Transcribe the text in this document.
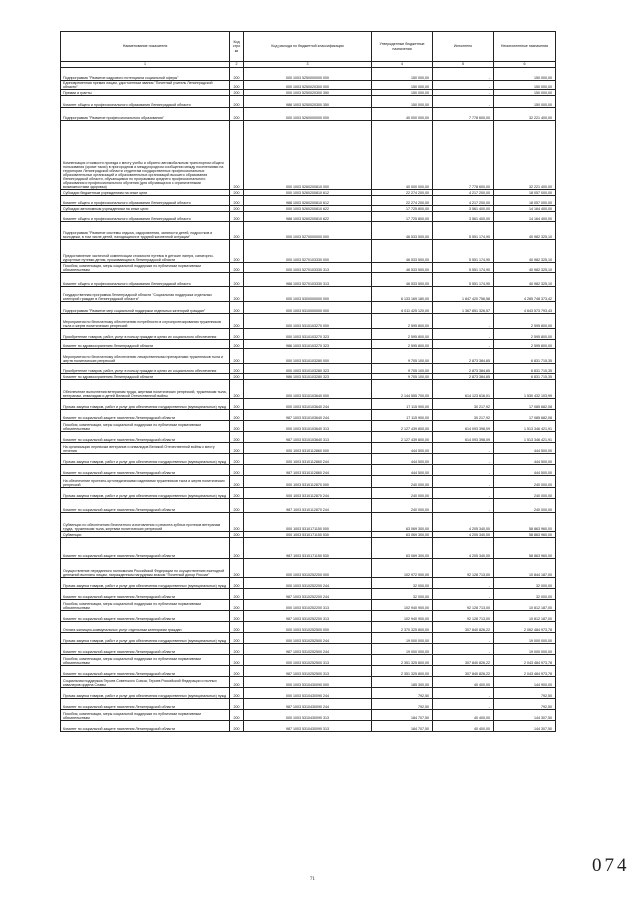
Наименование показателя	Код стро ки	Код расхода по бюджетной классификации	Утвержденные бюджетные назначения	Исполнено	Неисполненные назначения
1	2	3	4	5	6
Подпрограмма "Развитие кадрового потенциала социальной сферы"	200	000 1003 5250000000 000	150 000,00	-	150 000,00
Единовременная премия лицам, удостоенным звания "Почетный учитель Ленинградской области"	200	000 1003 5250020300 000	150 000,00	-	150 000,00
Премии и гранты	200	000 1003 5250020300 350	150 000,00	-	150 000,00
Комитет общего и профессионального образования Ленинградской области	200	988 1003 5250020300 350	150 000,00	-	150 000,00
Подпрограмма "Развитие профессионального образования"	200	000 1003 5260000000 000	40 000 000,00	7 778 600,00	32 221 400,00
Компенсация стоимости проезда к месту учебы и обратно автомобильным транспортом общего пользования (кроме такси) в пригородном и междугородном сообщении между поселениями на территории Ленинградской области студентам государственных профессиональных образовательных организаций и образовательных организаций высшего образования Ленинградской области, обучающимся по программам среднего профессионального образования и профессионального обучения (для обучающихся с ограниченными возможностями здоровья)	200	000 1003 5260200810 000	40 000 000,00	7 778 600,00	32 221 400,00
Субсидии бюджетным учреждениям на иные цели	200	000 1003 5260200810 612	22 274 200,00	4 217 200,00	18 057 000,00
Комитет общего и профессионального образования Ленинградской области	200	988 1003 5260200810 612	22 274 200,00	4 217 200,00	18 057 000,00
Субсидии автономным учреждениям на иные цели	200	000 1003 5260200810 622	17 725 800,00	3 561 400,00	14 164 400,00
Комитет общего и профессионального образования Ленинградской области	200	988 1003 5260200810 622	17 725 800,00	3 561 400,00	14 164 400,00
Подпрограмма "Развитие системы отдыха, оздоровления, занятости детей, подростков и молодежи, в том числе детей, находящихся в трудной жизненной ситуации"	200	000 1003 5270000000 000	46 533 500,00	5 551 174,90	40 982 325,10
Предоставление частичной компенсации стоимости путевок в детские лагеря, санаторно-курортные путевки детям, проживающим в Ленинградской области	200	000 1003 5270103330 000	46 533 500,00	5 551 174,90	40 982 325,10
Пособия, компенсации, меры социальной поддержки по публичным нормативным обязательствам	200	000 1003 5270103330 313	46 533 500,00	5 551 174,90	40 982 325,10
Комитет общего и профессионального образования Ленинградской области	200	988 1003 5270103330 313	46 533 500,00	5 551 174,90	40 982 325,10
Государственная программа Ленинградской области "Социальная поддержка отдельных категорий граждан в Ленинградской области"	200	000 1003 5300000000 000	6 133 169 180,00	1 847 420 756,58	4 285 748 373,42
Подпрограмма "Развитие мер социальной поддержки отдельных категорий граждан"	200	000 1003 5310000000 000	6 011 425 120,00	1 367 851 326,57	4 643 573 793,43
Мероприятия по бесплатному обеспечению потребности в слухопротезировании труженников тыла и жертв политических репрессий	200	000 1003 5310103270 000	2 595 800,00	-	2 595 800,00
Приобретение товаров, работ, услуг в пользу граждан в целях их социального обеспечения	200	000 1003 5310103270 323	2 595 800,00	-	2 595 800,00
Комитет по здравоохранению Ленинградской области	200	986 1003 5310103270 323	2 595 800,00	-	2 595 800,00
Мероприятия по бесплатному обеспечению лекарственными препаратами труженников тыла и жертв политических репрессий	200	000 1003 5310103280 000	9 705 100,00	2 873 384,65	6 831 715,35
Приобретение товаров, работ, услуг в пользу граждан в целях их социального обеспечения	200	000 1003 5310103280 323	9 705 100,00	2 873 384,65	6 831 715,35
Комитет по здравоохранению Ленинградской области	200	986 1003 5310103280 323	9 705 100,00	2 873 384,65	6 831 715,35
Обеспечение выполнения ветеранам труда, жертвам политических репрессий, труженикам тыла, ветеранам, инвалидам и детей Великой Отечественной войны	200	000 1003 5310103640 000	2 144 555 700,00	614 123 616,01	1 530 432 103,99
Прочая закупка товаров, работ и услуг для обеспечения государственных (муниципальных) нужд	200	000 1003 5310103640 244	17 115 900,00	30 217,92	17 085 682,08
Комитет по социальной защите населения Ленинградской области	200	987 1003 5310103640 244	17 115 900,00	30 217,92	17 085 682,08
Пособия, компенсации, меры социальной поддержки по публичным нормативным обязательствам	200	000 1003 5310103640 313	2 127 439 800,00	614 093 398,09	1 513 346 421,91
Комитет по социальной защите населения Ленинградской области	200	987 1003 5310103640 313	2 127 439 800,00	614 093 398,09	1 513 346 421,91
На организацию перевозки ветеранов и инвалидов Великой Отечественной войны к месту лечения	200	000 1003 5310112860 000	444 500,00	-	444 500,00
Прочая закупка товаров, работ и услуг для обеспечения государственных (муниципальных) нужд	200	000 1003 5310112860 244	444 500,00	-	444 500,00
Комитет по социальной защите населения Ленинградской области	200	987 1003 5310112860 244	444 500,00	-	444 500,00
На обеспечение протезно-ортопедическими изделиями труженников тыла и жертв политических репрессий	200	000 1003 5310112870 000	240 000,00	-	240 000,00
Прочая закупка товаров, работ и услуг для обеспечения государственных (муниципальных) нужд	200	000 1003 5310112870 244	240 000,00	-	240 000,00
Комитет по социальной защите населения Ленинградской области	200	987 1003 5310112870 244	240 000,00	-	240 000,00
Субвенции по обеспечению бесплатного изготовления и ремонта зубных протезов ветеранам труда, труженикам тыла, жертвам политических репрессий	200	000 1003 5310171150 000	63 069 300,00	4 205 340,00	58 863 960,00
Субвенции	200	000 1003 5310171150 530	63 069 300,00	4 205 340,00	58 863 960,00
Комитет по социальной защите населения Ленинградской области	200	987 1003 5310171150 530	63 069 300,00	4 205 340,00	58 863 960,00
Осуществление переданного полномочия Российской Федерации по осуществлению ежегодной денежной выплаты лицам, награжденным нагрудным знаком "Почетный донор России"	200	000 1003 5310252200 000	102 972 900,00	92 128 713,00	10 844 187,00
Прочая закупка товаров, работ и услуг для обеспечения государственных (муниципальных) нужд	200	000 1003 5310252200 244	32 000,00	-	32 000,00
Комитет по социальной защите населения Ленинградской области	200	987 1003 5310252200 244	32 000,00	-	32 000,00
Пособия, компенсации, меры социальной поддержки по публичным нормативным обязательствам	200	000 1003 5310252200 313	102 940 900,00	92 128 713,00	10 812 187,00
Комитет по социальной защите населения Ленинградской области	200	987 1003 5310252200 313	102 940 900,00	92 128 713,00	10 812 187,00
Оплата жилищно-коммунальных услуг отдельным категориям граждан	200	000 1003 5310252500 000	2 370 325 800,00	307 840 826,22	2 062 484 973,78
Прочая закупка товаров, работ и услуг для обеспечения государственных (муниципальных) нужд	200	000 1003 5310252500 244	19 000 000,00	-	19 000 000,00
Комитет по социальной защите населения Ленинградской области	200	987 1003 5310252500 244	19 000 000,00	-	19 000 000,00
Пособия, компенсации, меры социальной поддержки по публичным нормативным обязательствам	200	000 1003 5310252500 313	2 351 325 800,00	307 840 826,22	2 043 484 973,78
Комитет по социальной защите населения Ленинградской области	200	987 1003 5310252500 313	2 351 325 800,00	307 840 826,22	2 043 484 973,78
Социальная поддержка Героев Советского Союза, Героев Российской Федерации и полных кавалеров ордена Славы	200	000 1003 5310430090 000	185 300,00	40 400,00	144 900,00
Прочая закупка товаров, работ и услуг для обеспечения государственных (муниципальных) нужд	200	000 1003 5310430090 244	792,50	-	792,50
Комитет по социальной защите населения Ленинградской области	200	987 1003 5310430090 244	792,50	-	792,50
Пособия, компенсации, меры социальной поддержки по публичным нормативным обязательствам	200	000 1003 5310430090 313	184 707,50	40 400,00	144 307,50
Комитет по социальной защите населения Ленинградской области	200	987 1003 5310430090 313	184 707,50	40 400,00	144 307,50
71
074
